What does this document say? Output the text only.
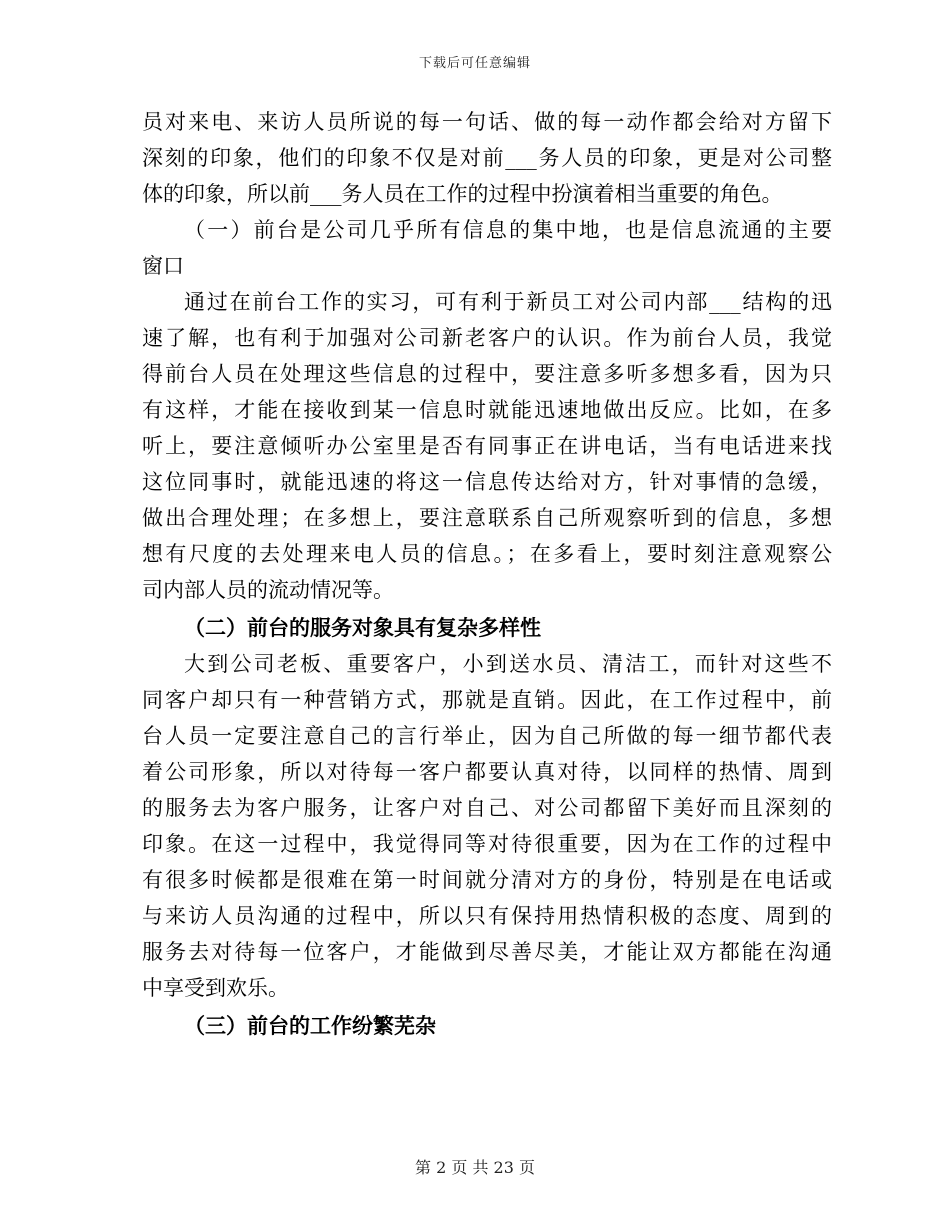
下载后可任意编辑
员对来电、来访人员所说的每一句话、做的每一动作都会给对方留下
深刻的印象，他们的印象不仅是对前___务人员的印象，更是对公司整
体的印象，所以前___务人员在工作的过程中扮演着相当重要的角色。
（一）前台是公司几乎所有信息的集中地，也是信息流通的主要
窗口
通过在前台工作的实习，可有利于新员工对公司内部___结构的迅
速了解，也有利于加强对公司新老客户的认识。作为前台人员，我觉
得前台人员在处理这些信息的过程中，要注意多听多想多看，因为只
有这样，才能在接收到某一信息时就能迅速地做出反应。比如，在多
听上，要注意倾听办公室里是否有同事正在讲电话，当有电话进来找
这位同事时，就能迅速的将这一信息传达给对方，针对事情的急缓，
做出合理处理；在多想上，要注意联系自己所观察听到的信息，多想
想有尺度的去处理来电人员的信息。；在多看上，要时刻注意观察公
司内部人员的流动情况等。
（二）前台的服务对象具有复杂多样性
大到公司老板、重要客户，小到送水员、清洁工，而针对这些不
同客户却只有一种营销方式，那就是直销。因此，在工作过程中，前
台人员一定要注意自己的言行举止，因为自己所做的每一细节都代表
着公司形象，所以对待每一客户都要认真对待，以同样的热情、周到
的服务去为客户服务，让客户对自己、对公司都留下美好而且深刻的
印象。在这一过程中，我觉得同等对待很重要，因为在工作的过程中
有很多时候都是很难在第一时间就分清对方的身份，特别是在电话或
与来访人员沟通的过程中，所以只有保持用热情积极的态度、周到的
服务去对待每一位客户，才能做到尽善尽美，才能让双方都能在沟通
中享受到欢乐。
（三）前台的工作纷繁芜杂
第 2 页 共 23 页
